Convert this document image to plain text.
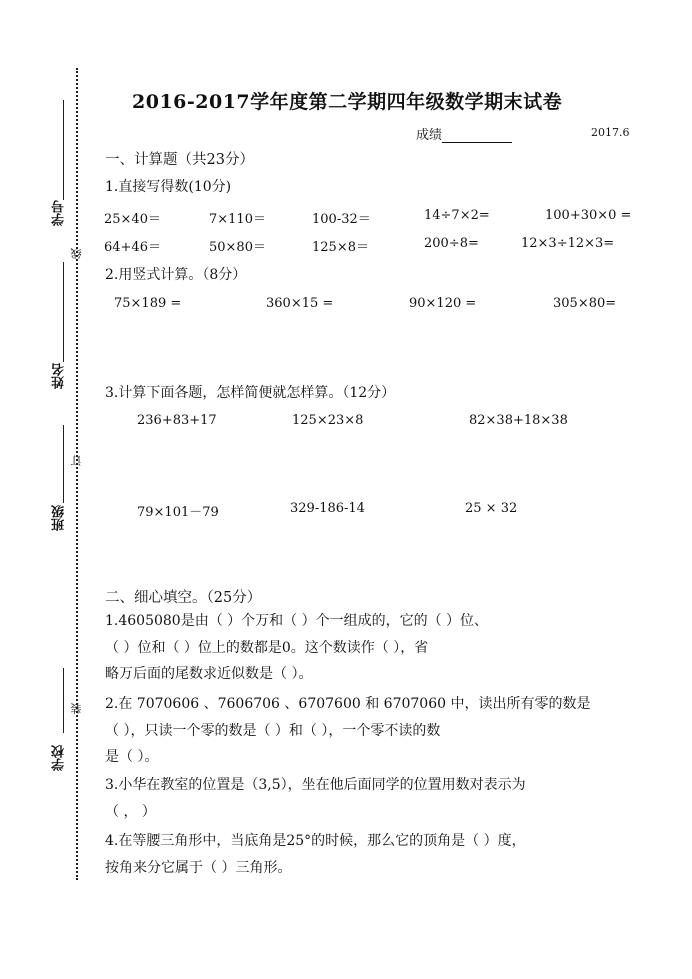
学号
线
姓名
订
班级
装
学校
2016-2017学年度第二学期四年级数学期末试卷
成绩	2017.6
一、计算题（共23分）
1.直接写得数(10分)
25×40＝	7×110＝	100-32＝	14÷7×2=	100+30×0 =
64+46＝	50×80＝	125×8＝	200÷8=	12×3÷12×3=
2.用竖式计算。（8分）
75×189 =	360×15 =	90×120 =	305×80=
3.计算下面各题，怎样简便就怎样算。（12分）
236+83+17	125×23×8	82×38+18×38
79×101－79	329-186-14	25 × 32
二、细心填空。（25分）

1.4605080是由（ ）个万和（ ）个一组成的，它的（ ）位、

（ ）位和（ ）位上的数都是0。这个数读作（ ），省

略万后面的尾数求近似数是（ ）。

2.在 7070606 、7606706 、6707600 和 6707060 中，读出所有零的数是

（ ），只读一个零的数是（ ）和（ ），一个零不读的数

是（ ）。

3.小华在教室的位置是（3,5），坐在他后面同学的位置用数对表示为

（ ， ）

4.在等腰三角形中，当底角是25°的时候，那么它的顶角是（ ）度，

按角来分它属于（ ）三角形。
